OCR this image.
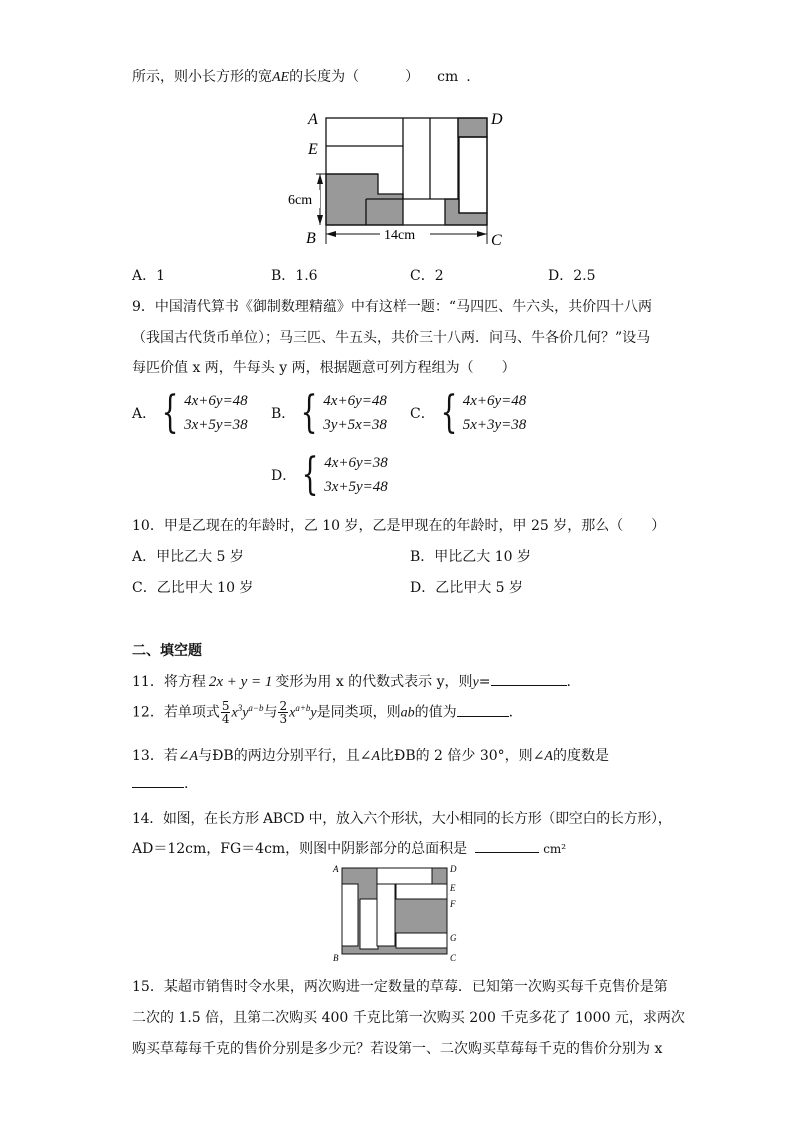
所示，则小长方形的宽AE的长度为（	） cm .
A	D
E
B	C
6cm
14cm
A．1	B．1.6	C．2	D．2.5
9．中国清代算书《御制数理精蕴》中有这样一题：“马四匹、牛六头，共价四十八两
（我国古代货币单位）；马三匹、牛五头，共价三十八两．问马、牛各价几何？”设马
每匹价值 x 两，牛每头 y 两，根据题意可列方程组为（　　）
A． { 4x+6y=48
3x+5y=38
B． { 4x+6y=48
3y+5x=38
C． { 4x+6y=48
5x+3y=38
D． { 4x+6y=38
3x+5y=48
10．甲是乙现在的年龄时，乙 10 岁，乙是甲现在的年龄时，甲 25 岁，那么（　　）
A．甲比乙大 5 岁	B．甲比乙大 10 岁
C．乙比甲大 10 岁	D．乙比甲大 5 岁
二、填空题
11．将方程 2x + y = 1 变形为用 x 的代数式表示 y，则y=	.
12．若单项式 $\frac{5}{4} x^3y^{a-b}$与 $\frac{2}{3} x^{a+b}y$是同类项，则ab的值为	.
13．若∠A与ÐB的两边分别平行，且∠A比ÐB的 2 倍少 30°，则∠A的度数是
.
14．如图，在长方形 ABCD 中，放入六个形状，大小相同的长方形（即空白的长方形），
AD＝12cm，FG＝4cm，则图中阴影部分的总面积是	cm²
A	D
E
F
G
B	C
15．某超市销售时令水果，两次购进一定数量的草莓．已知第一次购买每千克售价是第
二次的 1.5 倍，且第二次购买 400 千克比第一次购买 200 千克多花了 1000 元，求两次
购买草莓每千克的售价分别是多少元？若设第一、二次购买草莓每千克的售价分别为 x
